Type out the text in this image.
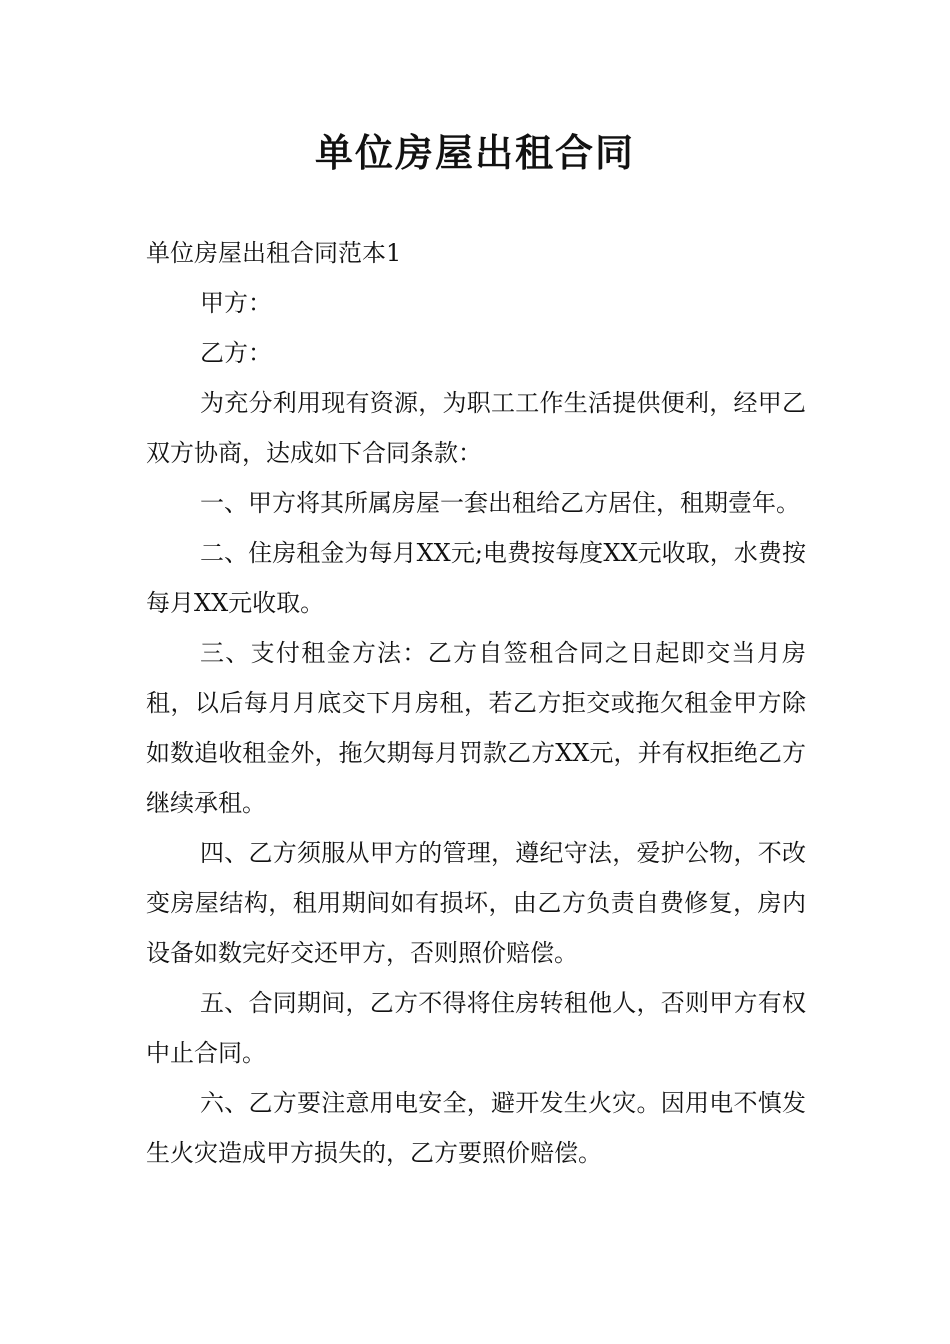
单位房屋出租合同

单位房屋出租合同范本1

甲方：

乙方：

为充分利用现有资源，为职工工作生活提供便利，经甲乙双方协商，达成如下合同条款：

一、甲方将其所属房屋一套出租给乙方居住，租期壹年。

二、住房租金为每月XX元;电费按每度XX元收取，水费按每月XX元收取。

三、支付租金方法：乙方自签租合同之日起即交当月房租，以后每月月底交下月房租，若乙方拒交或拖欠租金甲方除如数追收租金外，拖欠期每月罚款乙方XX元，并有权拒绝乙方继续承租。

四、乙方须服从甲方的管理，遵纪守法，爱护公物，不改变房屋结构，租用期间如有损坏，由乙方负责自费修复，房内设备如数完好交还甲方，否则照价赔偿。

五、合同期间，乙方不得将住房转租他人，否则甲方有权中止合同。

六、乙方要注意用电安全，避开发生火灾。因用电不慎发生火灾造成甲方损失的，乙方要照价赔偿。
